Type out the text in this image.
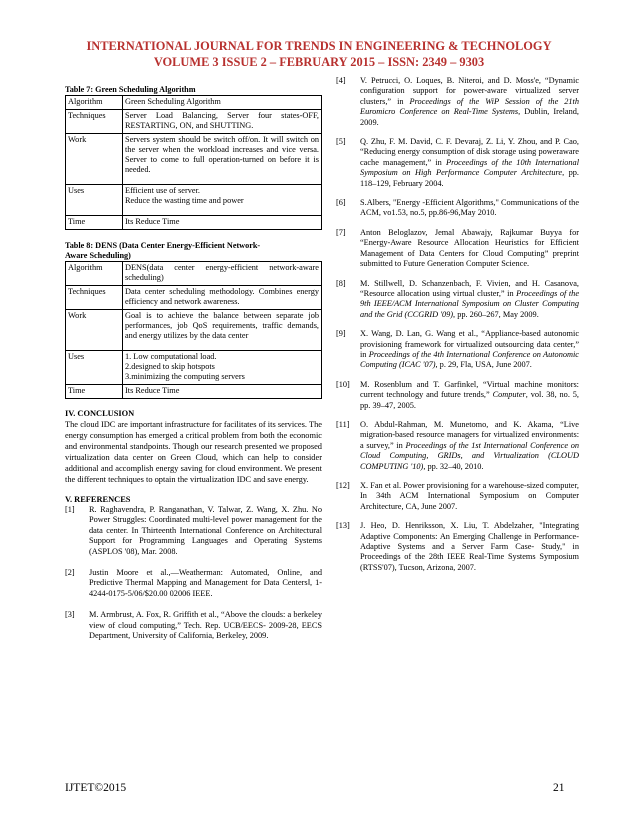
INTERNATIONAL JOURNAL FOR TRENDS IN ENGINEERING & TECHNOLOGY
VOLUME 3 ISSUE 2 – FEBRUARY 2015 – ISSN: 2349 – 9303

Table 7: Green Scheduling Algorithm

Algorithm	Green Scheduling Algorithm
Techniques	Server Load Balancing, Server four states-OFF, RESTARTING, ON, and SHUTTING.
Work	Servers system should be switch off/on. It will switch on the server when the workload increases and vice versa. Server to come to full operation-turned on before it is needed.
Uses	Efficient use of server.
Reduce the wasting time and power

Time	Its Reduce Time

Table 8: DENS (Data Center Energy-Efficient Network-
Aware Scheduling)

Algorithm	DENS(data center energy-efficient network-aware scheduling)
Techniques	Data center scheduling methodology. Combines energy efficiency and network awareness.
Work	Goal is to achieve the balance between separate job performances, job QoS requirements, traffic demands, and energy utilizes by the data center
Uses	1. Low computational load.
2.designed to skip hotspots
3.minimizing the computing servers

Time	Its Reduce Time

IV. CONCLUSION

The cloud IDC are important infrastructure for facilitates of its services. The energy consumption has emerged a critical problem from both the economic and environmental standpoints. Though our research presented we proposed virtualization data center on Green Cloud, which can help to consider additional and accomplish energy saving for cloud environment. We present the different techniques to optain the virtualization IDC and save energy.

V. REFERENCES

[1] R. Raghavendra, P. Ranganathan, V. Talwar, Z. Wang, X. Zhu. No Power Struggles: Coordinated multi-level power management for the data center. In Thirteenth International Conference on Architectural Support for Programming Languages and Operating Systems (ASPLOS '08), Mar. 2008.
[2] Justin Moore et al.,―Weatherman: Automated, Online, and Predictive Thermal Mapping and Management for Data Centers‖, 1-4244-0175-5/06/$20.00 02006 IEEE.
[3] M. Armbrust, A. Fox, R. Griffith et al., “Above the clouds: a berkeley view of cloud computing,” Tech. Rep. UCB/EECS- 2009-28, EECS Department, University of California, Berkeley, 2009.
[4] V. Petrucci, O. Loques, B. Niteroi, and D. Moss'e, “Dynamic configuration support for power-aware virtualized server clusters,” in Proceedings of the WiP Session of the 21th Euromicro Conference on Real-Time Systems, Dublin, Ireland, 2009.
[5] Q. Zhu, F. M. David, C. F. Devaraj, Z. Li, Y. Zhou, and P. Cao, “Reducing energy consumption of disk storage using powerаware cache management,” in Proceedings of the 10th International Symposium on High Performance Computer Architecture, pp. 118–129, February 2004.
[6] S.Albers, "Energy -Efficient Algorithms," Communications of the ACM, vo1.53, no.5, pp.86-96,May 2010.
[7] Anton Beloglazov, Jemal Abawajy, Rajkumar Buyya for “Energy-Aware Resource Allocation Heuristics for Efficient Management of Data Centers for Cloud Computing” preprint submitted to Future Generation Computer Science.
[8] M. Stillwell, D. Schanzenbach, F. Vivien, and H. Casanova, “Resource allocation using virtual cluster,” in Proceedings of the 9th IEEE/ACM International Symposium on Cluster Computing and the Grid (CCGRID '09), pp. 260–267, May 2009.
[9] X. Wang, D. Lan, G. Wang et al., “Appliance-based autonomic provisioning framework for virtualized outsourcing data center,” in Proceedings of the 4th International Conference on Autonomic Computing (ICAC '07), p. 29, Fla, USA, June 2007.
[10] M. Rosenblum and T. Garfinkel, “Virtual machine monitors: current technology and future trends,” Computer, vol. 38, no. 5, pp. 39–47, 2005.
[11] O. Abdul-Rahman, M. Munetomo, and K. Akama, “Live migration-based resource managers for virtualized environments: a survey,” in Proceedings of the 1st International Conference on Cloud Computing, GRIDs, and Virtualization (CLOUD COMPUTING '10), pp. 32–40, 2010.
[12] X. Fan et al. Power provisioning for a warehouse-sized computer, In 34th ACM International Symposium on Computer Architecture, CA, June 2007.
[13] J. Heo, D. Henriksson, X. Liu, T. Abdelzaher, "Integrating Adaptive Components: An Emerging Challenge in Performance-Adaptive Systems and a Server Farm Case- Study," in Proceedings of the 28th IEEE Real-Time Systems Symposium (RTSS'07), Tucson, Arizona, 2007.
IJTET©2015	21
